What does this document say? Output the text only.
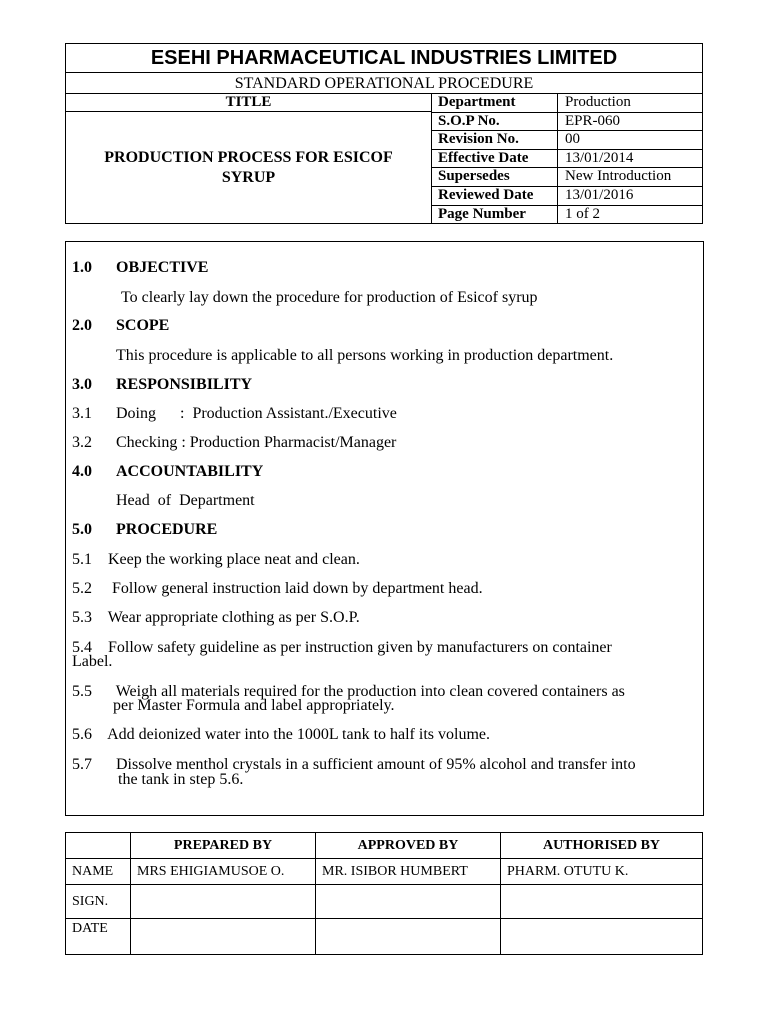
ESEHI PHARMACEUTICAL INDUSTRIES LIMITED
STANDARD OPERATIONAL PROCEDURE
TITLE
PRODUCTION PROCESS FOR ESICOF SYRUP
Department	Production
S.O.P No.	EPR-060
Revision No.	00
Effective Date	13/01/2014
Supersedes	New Introduction
Reviewed Date	13/01/2016
Page Number	1 of 2
1.0 OBJECTIVE
To clearly lay down the procedure for production of Esicof syrup
2.0 SCOPE
This procedure is applicable to all persons working in production department.
3.0 RESPONSIBILITY
3.1 Doing      :  Production Assistant./Executive
3.2 Checking : Production Pharmacist/Manager
4.0 ACCOUNTABILITY
Head  of  Department
5.0 PROCEDURE
5.1    Keep the working place neat and clean.
5.2     Follow general instruction laid down by department head.
5.3    Wear appropriate clothing as per S.O.P.
5.4    Follow safety guideline as per instruction given by manufacturers on container
Label.
5.5      Weigh all materials required for the production into clean covered containers as
per Master Formula and label appropriately.
5.6    Add deionized water into the 1000L tank to half its volume.
5.7      Dissolve menthol crystals in a sufficient amount of 95% alcohol and transfer into
the tank in step 5.6.
	PREPARED BY	APPROVED BY	AUTHORISED BY
NAME	MRS EHIGIAMUSOE O.	MR. ISIBOR HUMBERT	PHARM. OTUTU K.
SIGN.			
DATE			
